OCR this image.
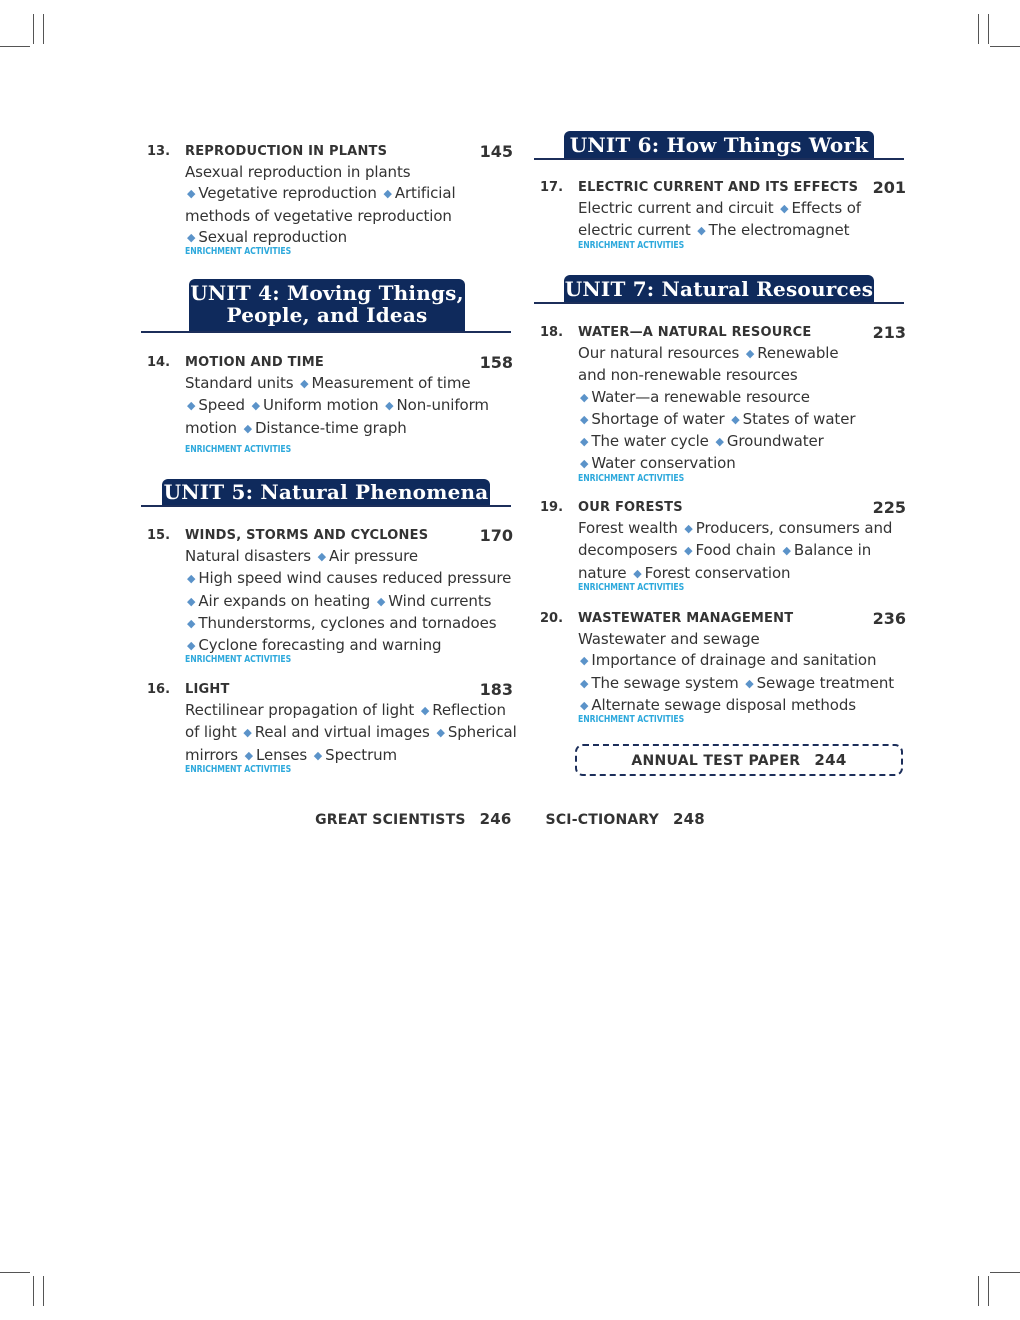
13. REPRODUCTION IN PLANTS	145
Asexual reproduction in plants
◆ Vegetative reproduction ◆ Artificial
methods of vegetative reproduction
◆ Sexual reproduction
ENRICHMENT ACTIVITIES
UNIT 4: Moving Things,
People, and Ideas
14. MOTION AND TIME	158
Standard units ◆ Measurement of time
◆ Speed ◆ Uniform motion ◆ Non-uniform
motion ◆ Distance-time graph
ENRICHMENT ACTIVITIES
UNIT 5: Natural Phenomena
15. WINDS, STORMS AND CYCLONES	170
Natural disasters ◆ Air pressure
◆ High speed wind causes reduced pressure
◆ Air expands on heating ◆ Wind currents
◆ Thunderstorms, cyclones and tornadoes
◆ Cyclone forecasting and warning
ENRICHMENT ACTIVITIES
16. LIGHT	183
Rectilinear propagation of light ◆ Reflection
of light ◆ Real and virtual images ◆ Spherical
mirrors ◆ Lenses ◆ Spectrum
ENRICHMENT ACTIVITIES
UNIT 6: How Things Work
17. ELECTRIC CURRENT AND ITS EFFECTS 201
Electric current and circuit ◆ Effects of
electric current ◆ The electromagnet
ENRICHMENT ACTIVITIES
UNIT 7: Natural Resources
18. WATER—A NATURAL RESOURCE	213
Our natural resources ◆ Renewable
and non-renewable resources
◆ Water—a renewable resource
◆ Shortage of water ◆ States of water
◆ The water cycle ◆ Groundwater
◆ Water conservation
ENRICHMENT ACTIVITIES
19. OUR FORESTS	225
Forest wealth ◆ Producers, consumers and
decomposers ◆ Food chain ◆ Balance in
nature ◆ Forest conservation
ENRICHMENT ACTIVITIES
20. WASTEWATER MANAGEMENT	236
Wastewater and sewage
◆ Importance of drainage and sanitation
◆ The sewage system ◆ Sewage treatment
◆ Alternate sewage disposal methods
ENRICHMENT ACTIVITIES
ANNUAL TEST PAPER 244
GREAT SCIENTISTS 246 SCI-CTIONARY 248
